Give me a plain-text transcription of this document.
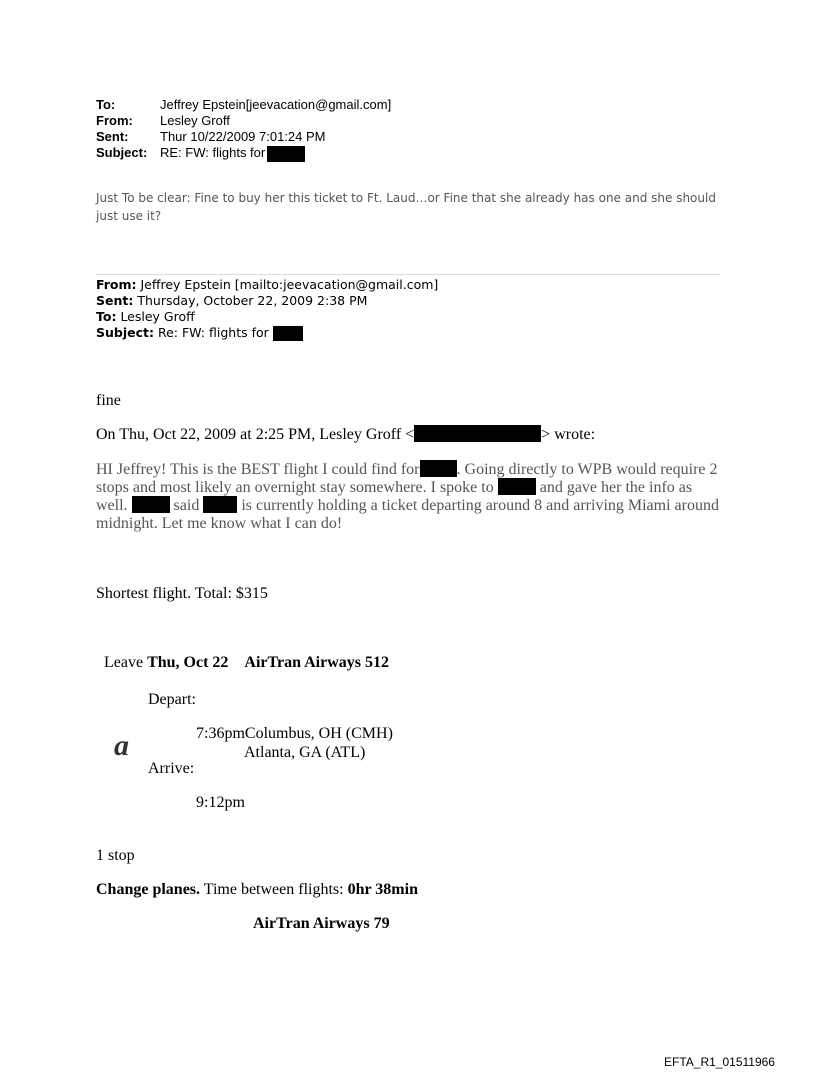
To:	Jeffrey Epstein[jeevacation@gmail.com]
From: Lesley Groff
Sent: Thur 10/22/2009 7:01:24 PM
Subject: RE: FW: flights for
Just To be clear: Fine to buy her this ticket to Ft. Laud…or Fine that she already has one and she should just use it?
From: Jeffrey Epstein [mailto:jeevacation@gmail.com]
Sent: Thursday, October 22, 2009 2:38 PM
To: Lesley Groff
Subject: Re: FW: flights for
fine
On Thu, Oct 22, 2009 at 2:25 PM, Lesley Groff <	> wrote:
HI Jeffrey! This is the BEST flight I could find for . Going directly to WPB would require 2
stops and most likely an overnight stay somewhere. I spoke to	and gave her the info as
well.	said	is currently holding a ticket departing around 8 and arriving Miami around
midnight. Let me know what I can do!
Shortest flight. Total: $315
Leave Thu, Oct 22 AirTran Airways 512
Depart:
a	7:36pmColumbus, OH (CMH)
Atlanta, GA (ATL)
Arrive:
9:12pm
1 stop
Change planes. Time between flights: 0hr 38min
AirTran Airways 79
EFTA_R1_01511966
